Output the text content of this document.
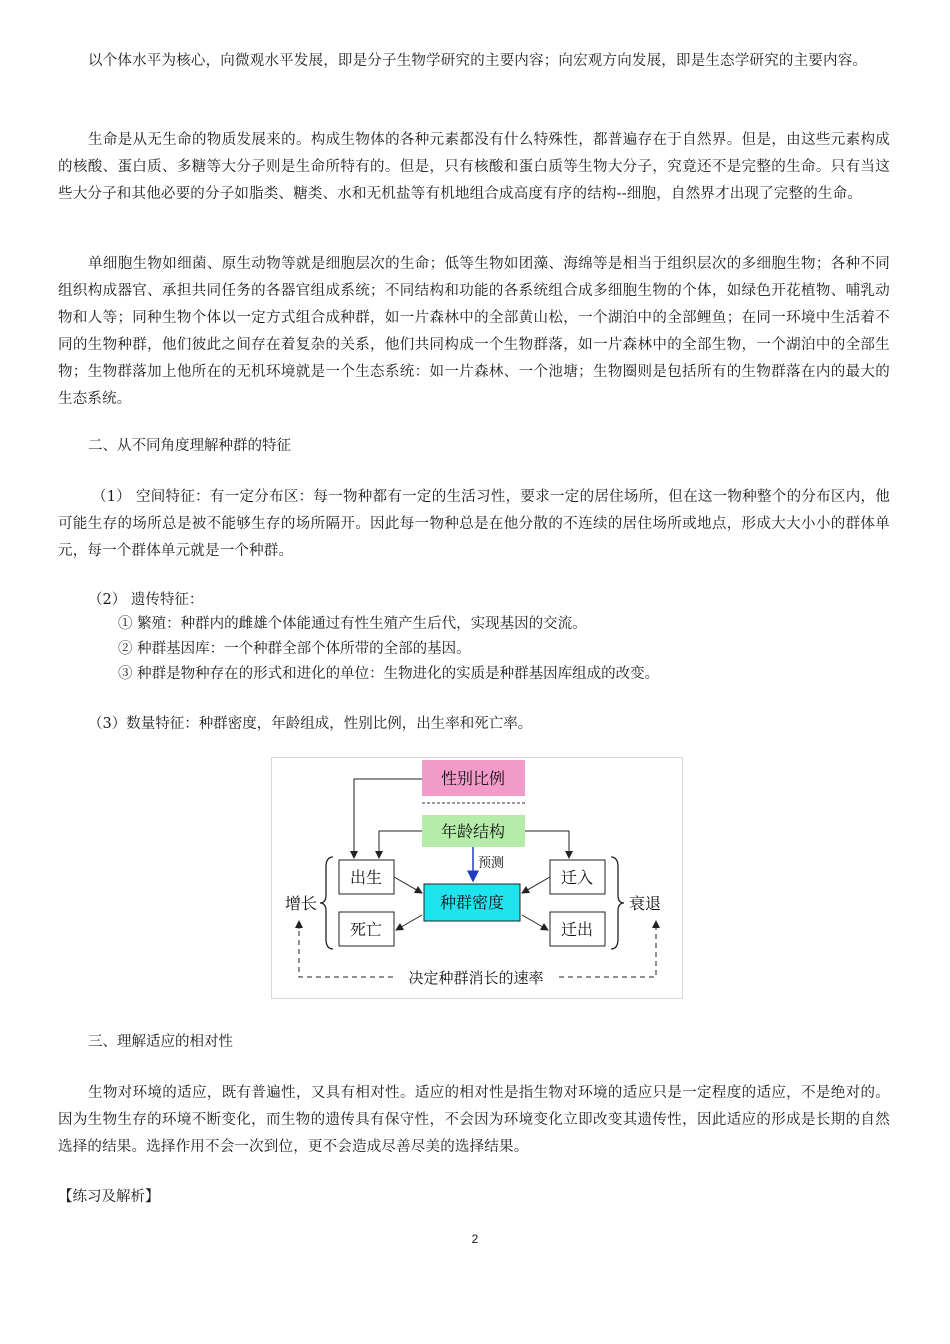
以个体水平为核心，向微观水平发展，即是分子生物学研究的主要内容；向宏观方向发展，即是生态学研究的主要内容。
生命是从无生命的物质发展来的。构成生物体的各种元素都没有什么特殊性，都普遍存在于自然界。但是，由这些元素构成的核酸、蛋白质、多糖等大分子则是生命所特有的。但是，只有核酸和蛋白质等生物大分子，究竟还不是完整的生命。只有当这些大分子和其他必要的分子如脂类、糖类、水和无机盐等有机地组合成高度有序的结构--细胞，自然界才出现了完整的生命。
单细胞生物如细菌、原生动物等就是细胞层次的生命；低等生物如团藻、海绵等是相当于组织层次的多细胞生物；各种不同组织构成器官、承担共同任务的各器官组成系统；不同结构和功能的各系统组合成多细胞生物的个体，如绿色开花植物、哺乳动物和人等；同种生物个体以一定方式组合成种群，如一片森林中的全部黄山松，一个湖泊中的全部鲤鱼；在同一环境中生活着不同的生物种群，他们彼此之间存在着复杂的关系，他们共同构成一个生物群落，如一片森林中的全部生物，一个湖泊中的全部生物；生物群落加上他所在的无机环境就是一个生态系统：如一片森林、一个池塘；生物圈则是包括所有的生物群落在内的最大的生态系统。
二、从不同角度理解种群的特征
（1） 空间特征：有一定分布区：每一物种都有一定的生活习性，要求一定的居住场所，但在这一物种整个的分布区内，他可能生存的场所总是被不能够生存的场所隔开。因此每一物种总是在他分散的不连续的居住场所或地点，形成大大小小的群体单元，每一个群体单元就是一个种群。
（2） 遗传特征：
① 繁殖：种群内的雌雄个体能通过有性生殖产生后代，实现基因的交流。
② 种群基因库：一个种群全部个体所带的全部的基因。
③ 种群是物种存在的形式和进化的单位：生物进化的实质是种群基因库组成的改变。
（3）数量特征：种群密度，年龄组成，性别比例，出生率和死亡率。
性别比例
年龄结构
预测
种群密度
出生
死亡
迁入
迁出
增长	衰退
决定种群消长的速率
三、理解适应的相对性
生物对环境的适应，既有普遍性，又具有相对性。适应的相对性是指生物对环境的适应只是一定程度的适应，不是绝对的。因为生物生存的环境不断变化，而生物的遗传具有保守性，不会因为环境变化立即改变其遗传性，因此适应的形成是长期的自然选择的结果。选择作用不会一次到位，更不会造成尽善尽美的选择结果。
【练习及解析】
2
